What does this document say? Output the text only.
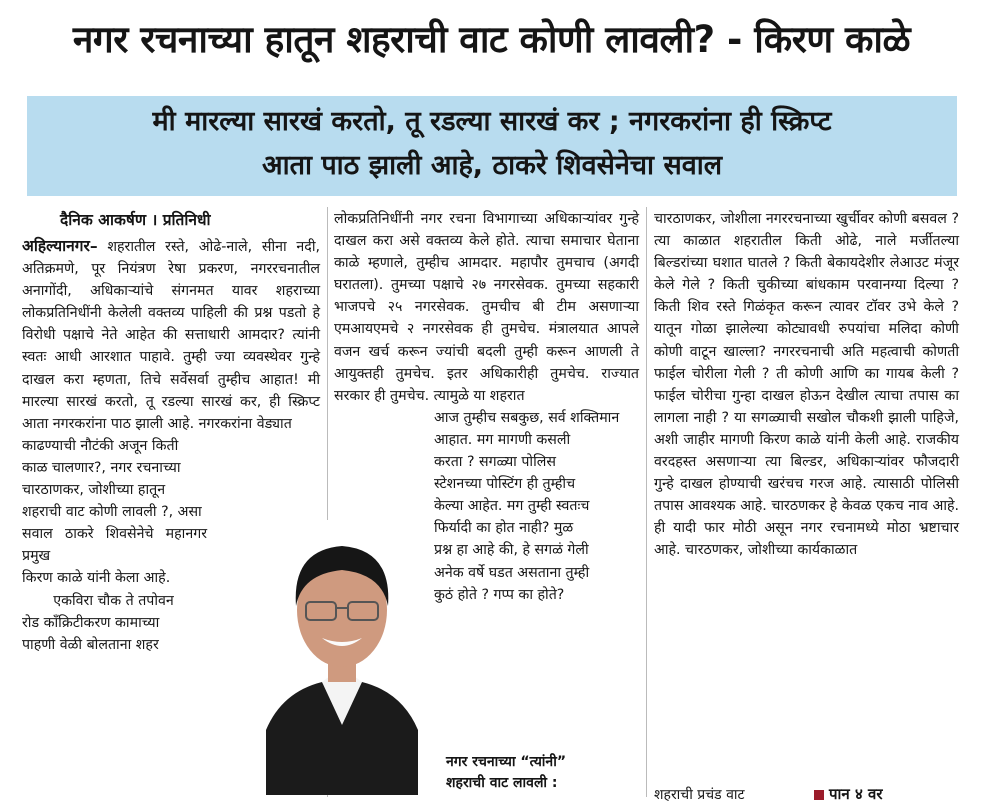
नगर रचनाच्या हातून शहराची वाट कोणी लावली? - किरण काळे
मी मारल्या सारखं करतो, तू रडल्या सारखं कर ; नगरकरांना ही स्क्रिप्ट
आता पाठ झाली आहे, ठाकरे शिवसेनेचा सवाल
दैनिक आकर्षण । प्रतिनिधी

अहिल्यानगर– शहरातील रस्ते, ओढे-नाले, सीना नदी, अतिक्रमणे, पूर नियंत्रण रेषा प्रकरण, नगररचनातील अनागोंदी, अधिकाऱ्यांचे संगनमत यावर शहराच्या लोकप्रतिनिधींनी केलेली वक्तव्य पाहिली की प्रश्न पडतो हे विरोधी पक्षाचे नेते आहेत की सत्ताधारी आमदार? त्यांनी स्वतः आधी आरशात पाहावे. तुम्ही ज्या व्यवस्थेवर गुन्हे दाखल करा म्हणता, तिचे सर्वेसर्वा तुम्हीच आहात! मी मारल्या सारखं करतो, तू रडल्या सारखं कर, ही स्क्रिप्ट आता नगरकरांना पाठ झाली आहे. नगरकरांना वेड्यात

काढण्याची नौटंकी अजून किती

काळ चालणार?, नगर रचनाच्या

चारठाणकर, जोशीच्या हातून

शहराची वाट कोणी लावली ?, असा

सवाल ठाकरे शिवसेनेचे महानगर प्रमुख

किरण काळे यांनी केला आहे.

एकविरा चौक ते तपोवन

रोड काँक्रिटीकरण कामाच्या

पाहणी वेळी बोलताना शहर

लोकप्रतिनिधींनी नगर रचना विभागाच्या अधिकाऱ्यांवर गुन्हे दाखल करा असे वक्तव्य केले होते. त्याचा समाचार घेताना काळे म्हणाले, तुम्हीच आमदार. महापौर तुमचाच (अगदी घरातला). तुमच्या पक्षाचे २७ नगरसेवक. तुमच्या सहकारी भाजपचे २५ नगरसेवक. तुमचीच बी टीम असणाऱ्या एमआयएमचे २ नगरसेवक ही तुमचेच. मंत्रालयात आपले वजन खर्च करून ज्यांची बदली तुम्ही करून आणली ते आयुक्तही तुमचेच. इतर अधिकारीही तुमचेच. राज्यात सरकार ही तुमचेच. त्यामुळे या शहरात

आज तुम्हीच सबकुछ, सर्व शक्तिमान

आहात. मग मागणी कसली

करता ? सगळ्या पोलिस

स्टेशनच्या पोस्टिंग ही तुम्हीच

केल्या आहेत. मग तुम्ही स्वतःच

फिर्यादी का होत नाही? मुळ

प्रश्न हा आहे की, हे सगळं गेली

अनेक वर्षे घडत असताना तुम्ही

कुठं होते ? गप्प का होते?

नगर रचनाच्या “त्यांनी”
शहराची वाट लावली :

चारठाणकर, जोशीला नगररचनाच्या खुर्चीवर कोणी बसवल ? त्या काळात शहरातील किती ओढे, नाले मर्जीतल्या बिल्डरांच्या घशात घातले ? किती बेकायदेशीर लेआउट मंजूर केले गेले ? किती चुकीच्या बांधकाम परवानग्या दिल्या ? किती शिव रस्ते गिळंकृत करून त्यावर टॉवर उभे केले ? यातून गोळा झालेल्या कोट्यावधी रुपयांचा मलिदा कोणी कोणी वाटून खाल्ला? नगररचनाची अति महत्वाची कोणती फाईल चोरीला गेली ? ती कोणी आणि का गायब केली ? फाईल चोरीचा गुन्हा दाखल होऊन देखील त्याचा तपास का लागला नाही ? या सगळ्याची सखोल चौकशी झाली पाहिजे, अशी जाहीर मागणी किरण काळे यांनी केली आहे. राजकीय वरदहस्त असणाऱ्या त्या बिल्डर, अधिकाऱ्यांवर फौजदारी गुन्हे दाखल होण्याची खरंचच गरज आहे. त्यासाठी पोलिसी तपास आवश्यक आहे. चारठणकर हे केवळ एकच नाव आहे. ही यादी फार मोठी असून नगर रचनामध्ये मोठा भ्रष्टाचार आहे. चारठणकर, जोशीच्या कार्यकाळात

शहराची प्रचंड वाट	पान ४ वर
